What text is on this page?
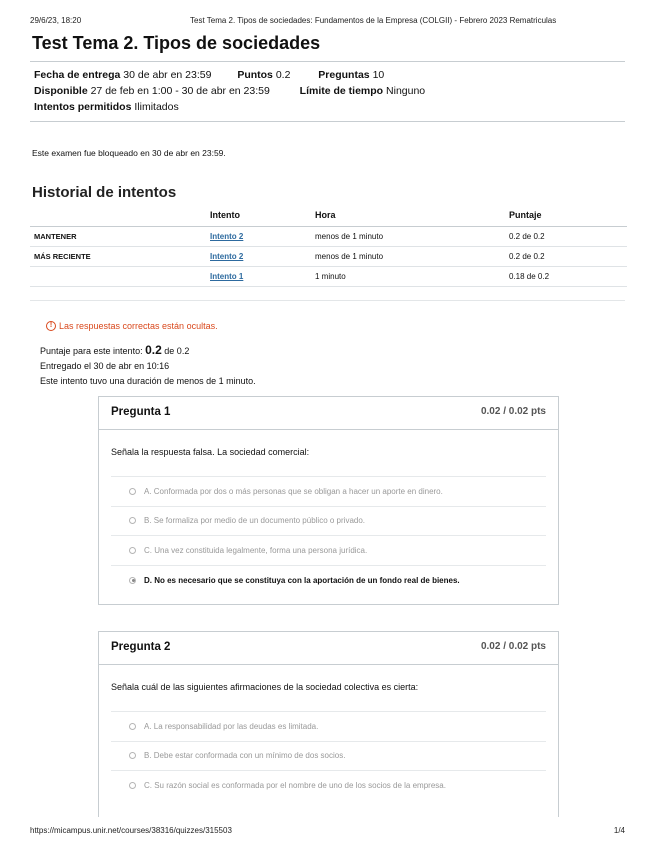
29/6/23, 18:20	Test Tema 2. Tipos de sociedades: Fundamentos de la Empresa (COLGII) - Febrero 2023 Rematriculas
Test Tema 2. Tipos de sociedades
Fecha de entrega 30 de abr en 23:59 Puntos 0.2	Preguntas 10
Disponible 27 de feb en 1:00 - 30 de abr en 23:59	Límite de tiempo Ninguno
Intentos permitidos Ilimitados

Este examen fue bloqueado en 30 de abr en 23:59.

Historial de intentos
	Intento	Hora	Puntaje
MANTENER	Intento 2	menos de 1 minuto	0.2 de 0.2
MÁS RECIENTE	Intento 2	menos de 1 minuto	0.2 de 0.2
	Intento 1	1 minuto	0.18 de 0.2
! Las respuestas correctas están ocultas.
Puntaje para este intento: 0.2 de 0.2
Entregado el 30 de abr en 10:16
Este intento tuvo una duración de menos de 1 minuto.
Pregunta 1	0.02 / 0.02 pts
Señala la respuesta falsa. La sociedad comercial:
A. Conformada por dos o más personas que se obligan a hacer un aporte en dinero.
B. Se formaliza por medio de un documento público o privado.
C. Una vez constituida legalmente, forma una persona jurídica.
D. No es necesario que se constituya con la aportación de un fondo real de bienes.
Pregunta 2	0.02 / 0.02 pts
Señala cuál de las siguientes afirmaciones de la sociedad colectiva es cierta:
A. La responsabilidad por las deudas es limitada.
B. Debe estar conformada con un mínimo de dos socios.
C. Su razón social es conformada por el nombre de uno de los socios de la empresa.
https://micampus.unir.net/courses/38316/quizzes/315503	1/4
